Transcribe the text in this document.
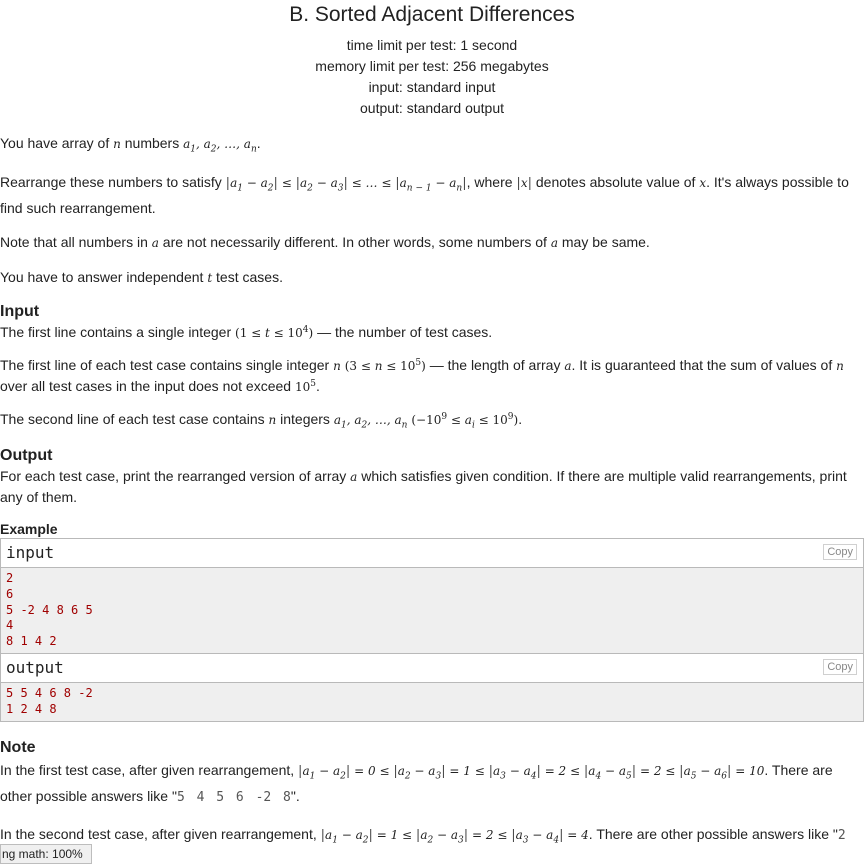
B. Sorted Adjacent Differences
time limit per test: 1 second
memory limit per test: 256 megabytes
input: standard input
output: standard output

You have array of n numbers $a_1$, $a_2$, …, $a_n$.

Rearrange these numbers to satisfy $|a_1 - a_2| \le |a_2 - a_3|$ ≤ … ≤ $|a_{n - 1} - a_n|$, where |x| denotes absolute value of x. It's always possible to find such rearrangement.

Note that all numbers in a are not necessarily different. In other words, some numbers of a may be same.

You have to answer independent t test cases.

Input

The first line contains a single integer $(1 \le t \le 10^4)$ — the number of test cases.

The first line of each test case contains single integer n $(3 \le n \le 10^5)$ — the length of array a. It is guaranteed that the sum of values of n over all test cases in the input does not exceed $10^5$.

The second line of each test case contains n integers $a_1$, $a_2$, …, $a_n$ $(-10^9 \le a_i \le 10^9)$.

Output

For each test case, print the rearranged version of array a which satisfies given condition. If there are multiple valid rearrangements, print any of them.

Example
input	Copy
2
6
5 -2 4 8 6 5
4
8 1 4 2
output	Copy
5 5 4 6 8 -2
1 2 4 8
Note

In the first test case, after given rearrangement, $|a_1 - a_2| = 0 \le |a_2 - a_3| = 1 \le |a_3 - a_4| = 2 \le |a_4 - a_5| = 2 \le |a_5 - a_6| = 10$. There are other possible answers like "5 4 5 6 -2 8".

In the second test case, after given rearrangement, $|a_1 - a_2| = 1 \le |a_2 - a_3| = 2 \le |a_3 - a_4| = 4$. There are other possible answers like "2

ng math: 100%
